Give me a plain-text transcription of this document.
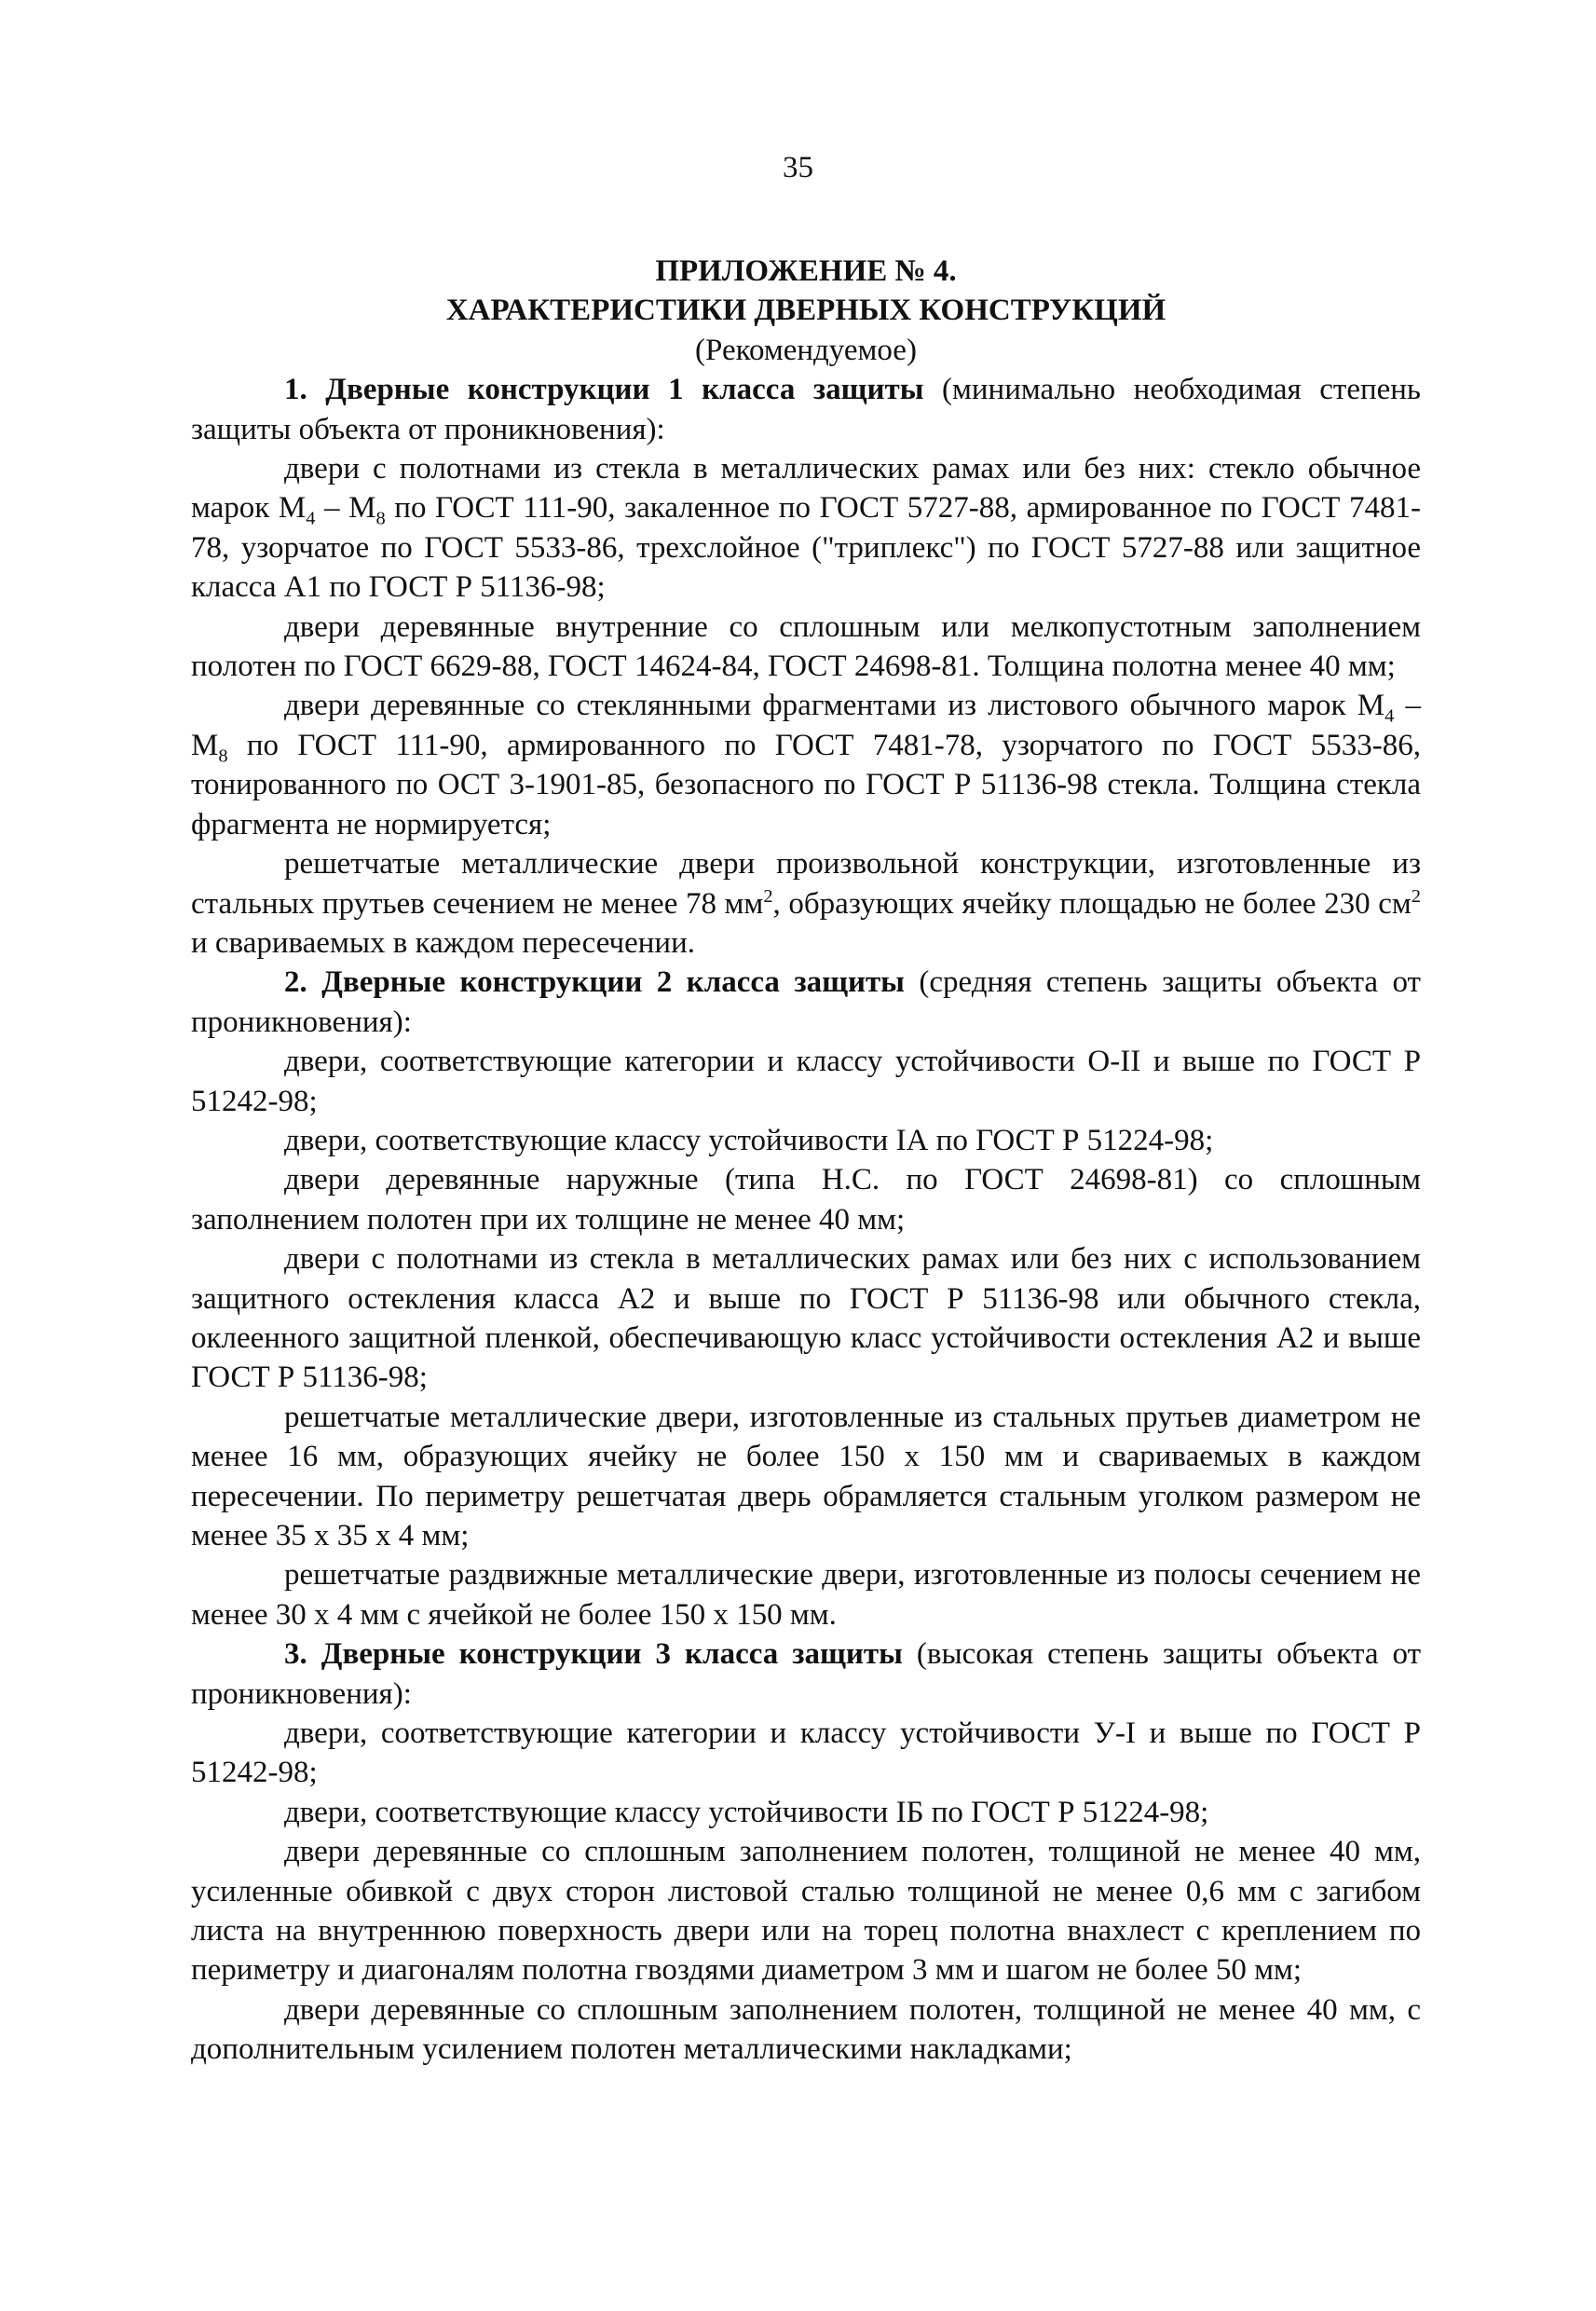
35

ПРИЛОЖЕНИЕ № 4.

ХАРАКТЕРИСТИКИ ДВЕРНЫХ КОНСТРУКЦИЙ

(Рекомендуемое)

1. Дверные конструкции 1 класса защиты (минимально необходимая степень защиты объекта от проникновения):

двери с полотнами из стекла в металлических рамах или без них: стекло обычное марок $М_4 - М_8$ по ГОСТ 111-90, закаленное по ГОСТ 5727-88, армированное по ГОСТ 7481-78, узорчатое по ГОСТ 5533-86, трехслойное ("триплекс") по ГОСТ 5727-88 или защитное класса А1 по ГОСТ Р 51136-98;

двери деревянные внутренние со сплошным или мелкопустотным заполнением полотен по ГОСТ 6629-88, ГОСТ 14624-84, ГОСТ 24698-81. Толщина полотна менее 40 мм;

двери деревянные со стеклянными фрагментами из листового обычного марок $М_4 - М_8$ по ГОСТ 111-90, армированного по ГОСТ 7481-78, узорчатого по ГОСТ 5533-86, тонированного по ОСТ 3-1901-85, безопасного по ГОСТ Р 51136-98 стекла. Толщина стекла фрагмента не нормируется;

решетчатые металлические двери произвольной конструкции, изготовленные из стальных прутьев сечением не менее 78 $мм^2$, образующих ячейку площадью не более 230 $см^2$ и свариваемых в каждом пересечении.

2. Дверные конструкции 2 класса защиты (средняя степень защиты объекта от проникновения):

двери, соответствующие категории и классу устойчивости О-II и выше по ГОСТ Р 51242-98;

двери, соответствующие классу устойчивости IА по ГОСТ Р 51224-98;

двери деревянные наружные (типа Н.С. по ГОСТ 24698-81) со сплошным заполнением полотен при их толщине не менее 40 мм;

двери с полотнами из стекла в металлических рамах или без них с использованием защитного остекления класса А2 и выше по ГОСТ Р 51136-98 или обычного стекла, оклеенного защитной пленкой, обеспечивающую класс устойчивости остекления А2 и выше ГОСТ Р 51136-98;

решетчатые металлические двери, изготовленные из стальных прутьев диаметром не менее 16 мм, образующих ячейку не более 150 х 150 мм и свариваемых в каждом пересечении. По периметру решетчатая дверь обрамляется стальным уголком размером не менее 35 х 35 х 4 мм;

решетчатые раздвижные металлические двери, изготовленные из полосы сечением не менее 30 х 4 мм с ячейкой не более 150 х 150 мм.

3. Дверные конструкции 3 класса защиты (высокая степень защиты объекта от проникновения):

двери, соответствующие категории и классу устойчивости У-I и выше по ГОСТ Р 51242-98;

двери, соответствующие классу устойчивости IБ по ГОСТ Р 51224-98;

двери деревянные со сплошным заполнением полотен, толщиной не менее 40 мм, усиленные обивкой с двух сторон листовой сталью толщиной не менее 0,6 мм с загибом листа на внутреннюю поверхность двери или на торец полотна внахлест с креплением по периметру и диагоналям полотна гвоздями диаметром 3 мм и шагом не более 50 мм;

двери деревянные со сплошным заполнением полотен, толщиной не менее 40 мм, с дополнительным усилением полотен металлическими накладками;
